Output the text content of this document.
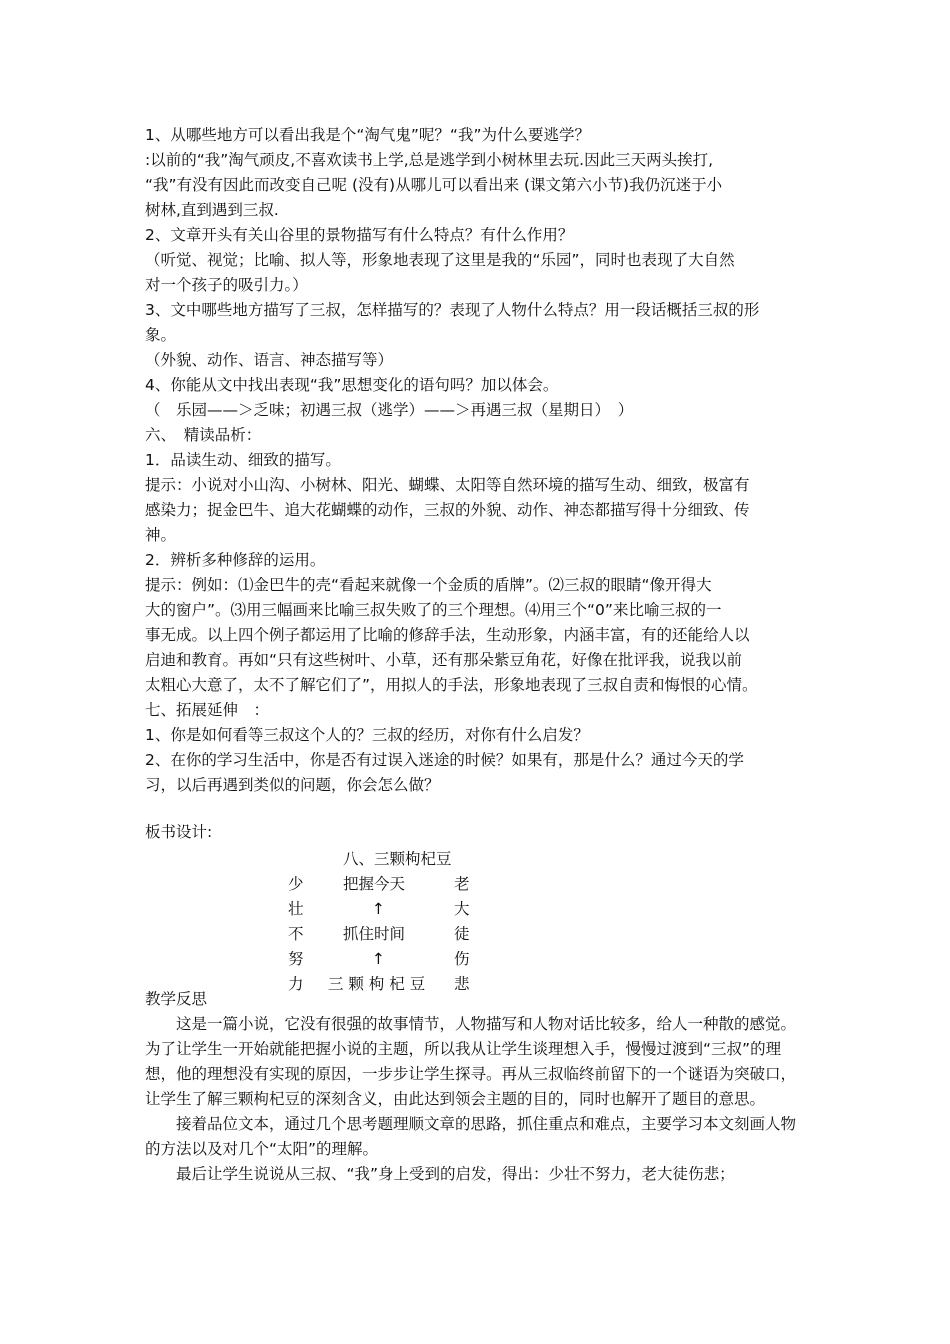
1、从哪些地方可以看出我是个“淘气鬼”呢？“我”为什么要逃学？

:以前的“我”淘气顽皮,不喜欢读书上学,总是逃学到小树林里去玩.因此三天两头挨打,

“我”有没有因此而改变自己呢 (没有)从哪儿可以看出来 (课文第六小节)我仍沉迷于小

树林,直到遇到三叔.

2、文章开头有关山谷里的景物描写有什么特点？有什么作用？

（听觉、视觉；比喻、拟人等，形象地表现了这里是我的“乐园”，同时也表现了大自然

对一个孩子的吸引力。）

3、文中哪些地方描写了三叔，怎样描写的？表现了人物什么特点？用一段话概括三叔的形

象。

（外貌、动作、语言、神态描写等）

4、你能从文中找出表现“我”思想变化的语句吗？加以体会。

（　乐园——＞乏味；初遇三叔（逃学）——＞再遇三叔（星期日）　）

六、　精读品析：

1．品读生动、细致的描写。

提示：小说对小山沟、小树林、阳光、蝴蝶、太阳等自然环境的描写生动、细致，极富有

感染力；捉金巴牛、追大花蝴蝶的动作，三叔的外貌、动作、神态都描写得十分细致、传

神。

2．辨析多种修辞的运用。

提示：例如：⑴金巴牛的壳“看起来就像一个金质的盾牌”。⑵三叔的眼睛“像开得大

大的窗户”。⑶用三幅画来比喻三叔失败了的三个理想。⑷用三个“0”来比喻三叔的一

事无成。以上四个例子都运用了比喻的修辞手法，生动形象，内涵丰富，有的还能给人以

启迪和教育。再如“只有这些树叶、小草，还有那朵紫豆角花，好像在批评我，说我以前

太粗心大意了，太不了解它们了”，用拟人的手法，形象地表现了三叔自责和悔恨的心情。

七、拓展延伸　：

1、你是如何看等三叔这个人的？三叔的经历，对你有什么启发？

2、在你的学习生活中，你是否有过误入迷途的时候？如果有，那是什么？通过今天的学

习，以后再遇到类似的问题，你会怎么做？

板书设计:

八、三颗枸杞豆
少
壮
不
努
力
老
大
徒
伤
悲
把握今天
↑
抓住时间
↑
三 颗 枸 杞 豆

教学反思

这是一篇小说，它没有很强的故事情节，人物描写和人物对话比较多，给人一种散的感觉。为了让学生一开始就能把握小说的主题，所以我从让学生谈理想入手，慢慢过渡到“三叔”的理想，他的理想没有实现的原因，一步步让学生探寻。再从三叔临终前留下的一个谜语为突破口，让学生了解三颗枸杞豆的深刻含义，由此达到领会主题的目的，同时也解开了题目的意思。

接着品位文本，通过几个思考题理顺文章的思路，抓住重点和难点，主要学习本文刻画人物的方法以及对几个“太阳”的理解。

最后让学生说说从三叔、“我”身上受到的启发，得出：少壮不努力，老大徒伤悲；
